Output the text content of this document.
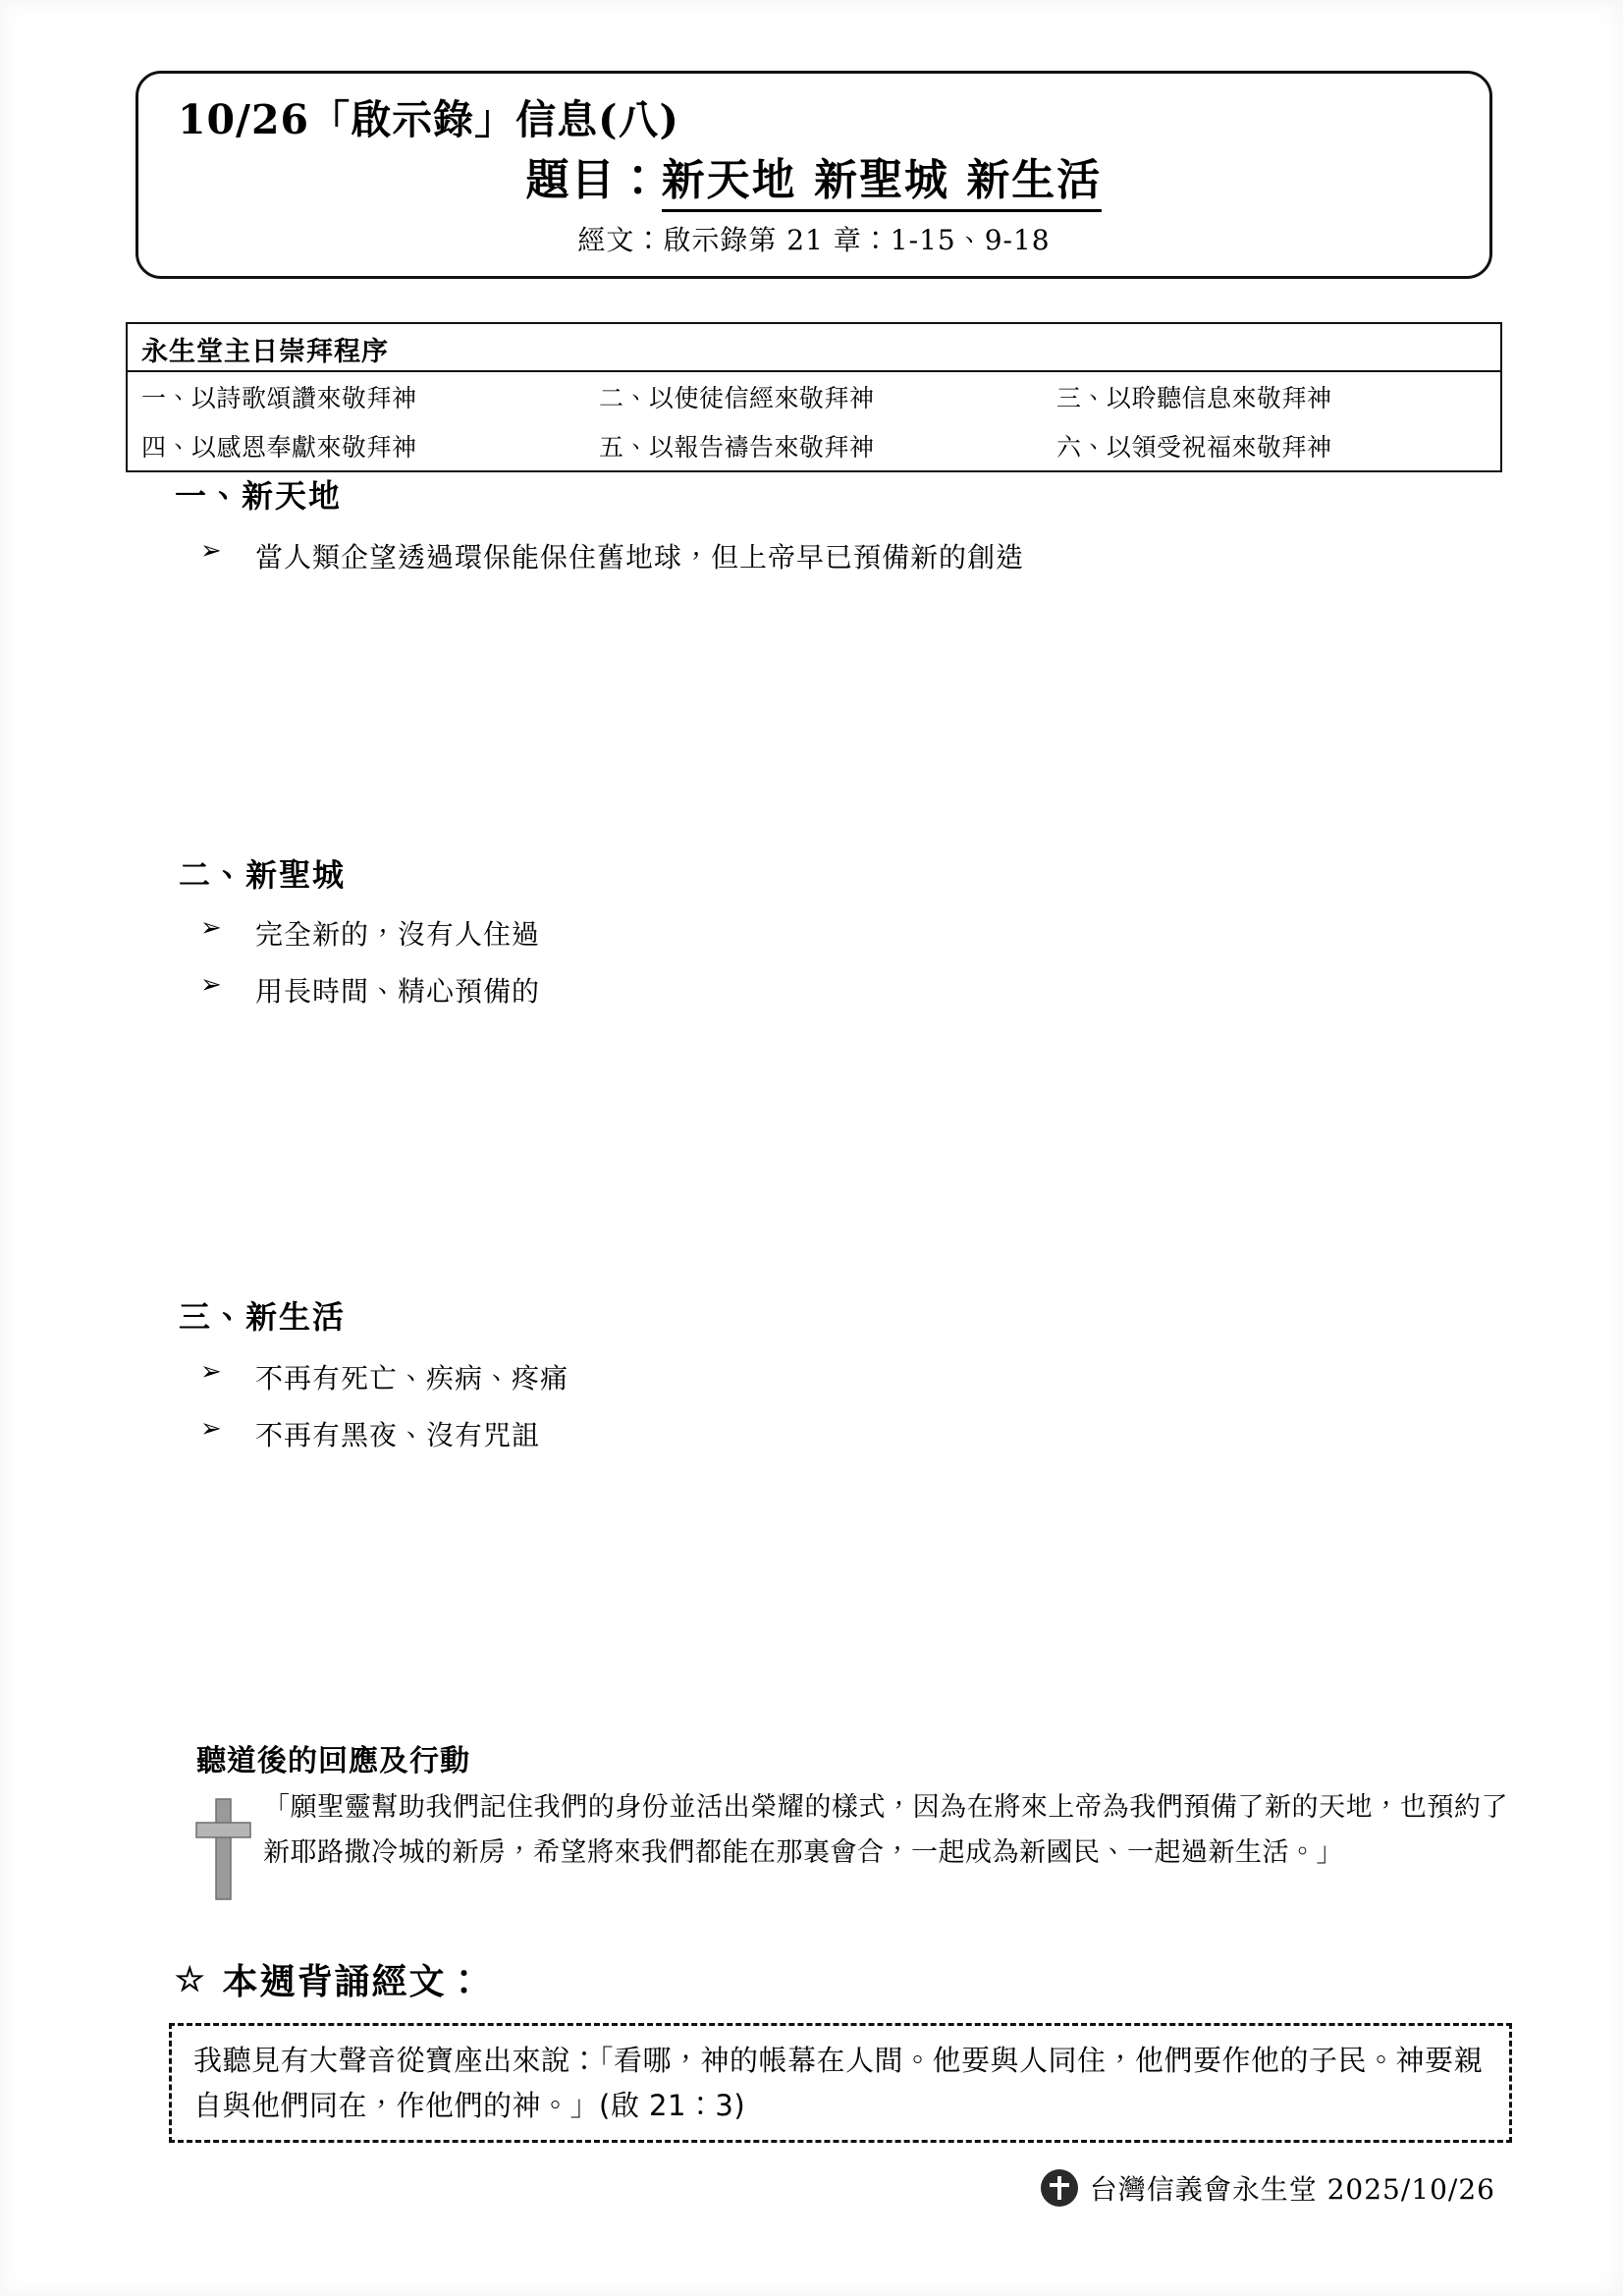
10/26「啟示錄」信息(八)
題目：新天地 新聖城 新生活
經文：啟示錄第 21 章：1-15、9-18
永生堂主日崇拜程序
一、以詩歌頌讚來敬拜神	二、以使徒信經來敬拜神	三、以聆聽信息來敬拜神
四、以感恩奉獻來敬拜神	五、以報告禱告來敬拜神	六、以領受祝福來敬拜神
一、新天地
➢	當人類企望透過環保能保住舊地球，但上帝早已預備新的創造
二、新聖城
➢	完全新的，沒有人住過
➢	用長時間、精心預備的
三、新生活
➢	不再有死亡、疾病、疼痛
➢	不再有黑夜、沒有咒詛
聽道後的回應及行動
「願聖靈幫助我們記住我們的身份並活出榮耀的樣式，因為在將來上帝為我們預備了新的天地，也預約了新耶路撒冷城的新房，希望將來我們都能在那裏會合，一起成為新國民、一起過新生活。」
☆ 本週背誦經文：
我聽見有大聲音從寶座出來說：「看哪，神的帳幕在人間。他要與人同住，他們要作他的子民。神要親自與他們同在，作他們的神。」(啟 21：3)
台灣信義會永生堂 2025/10/26
